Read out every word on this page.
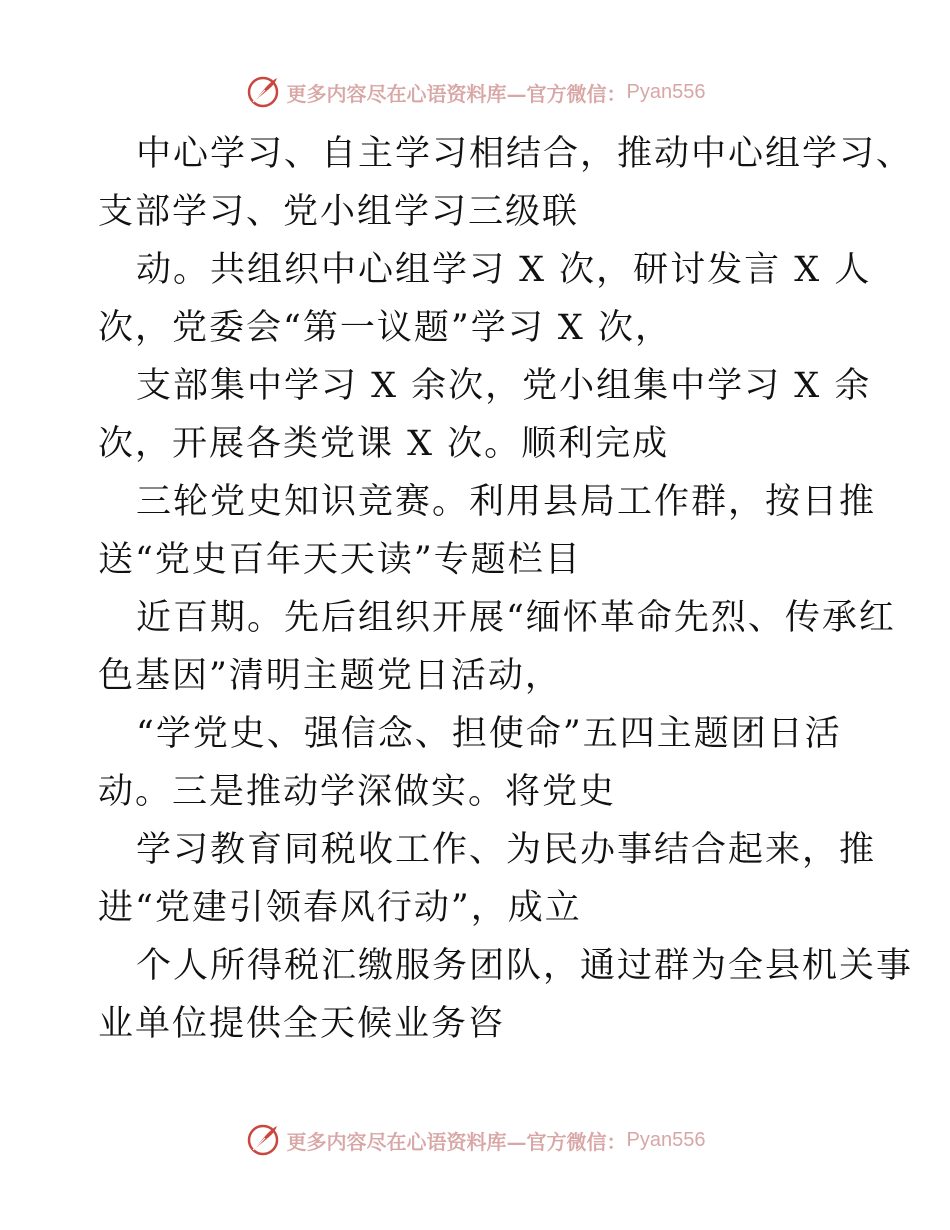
更多内容尽在心语资料库—官方微信： Pyan556

中心学习、自主学习相结合，推动中心组学习、
支部学习、党小组学习三级联

动。共组织中心组学习 X 次，研讨发言 X 人
次，党委会“第一议题”学习 X 次，

支部集中学习 X 余次，党小组集中学习 X 余
次，开展各类党课 X 次。顺利完成

三轮党史知识竞赛。利用县局工作群，按日推
送“党史百年天天读”专题栏目

近百期。先后组织开展“缅怀革命先烈、传承红
色基因”清明主题党日活动，

“学党史、强信念、担使命”五四主题团日活
动。三是推动学深做实。将党史

学习教育同税收工作、为民办事结合起来，推
进“党建引领春风行动”，成立

个人所得税汇缴服务团队，通过群为全县机关事
业单位提供全天候业务咨

更多内容尽在心语资料库—官方微信： Pyan556
